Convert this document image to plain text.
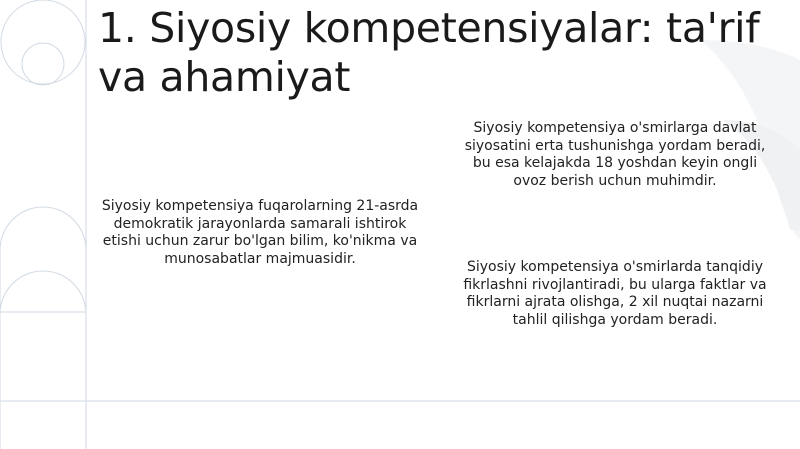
1. Siyosiy kompetensiyalar: ta'rif va ahamiyat

Siyosiy kompetensiya fuqarolarning 21-asrda demokratik jarayonlarda samarali ishtirok etishi uchun zarur bo'lgan bilim, ko'nikma va munosabatlar majmuasidir.

Siyosiy kompetensiya o'smirlarga davlat siyosatini erta tushunishga yordam beradi, bu esa kelajakda 18 yoshdan keyin ongli ovoz berish uchun muhimdir.

Siyosiy kompetensiya o'smirlarda tanqidiy fikrlashni rivojlantiradi, bu ularga faktlar va fikrlarni ajrata olishga, 2 xil nuqtai nazarni tahlil qilishga yordam beradi.
